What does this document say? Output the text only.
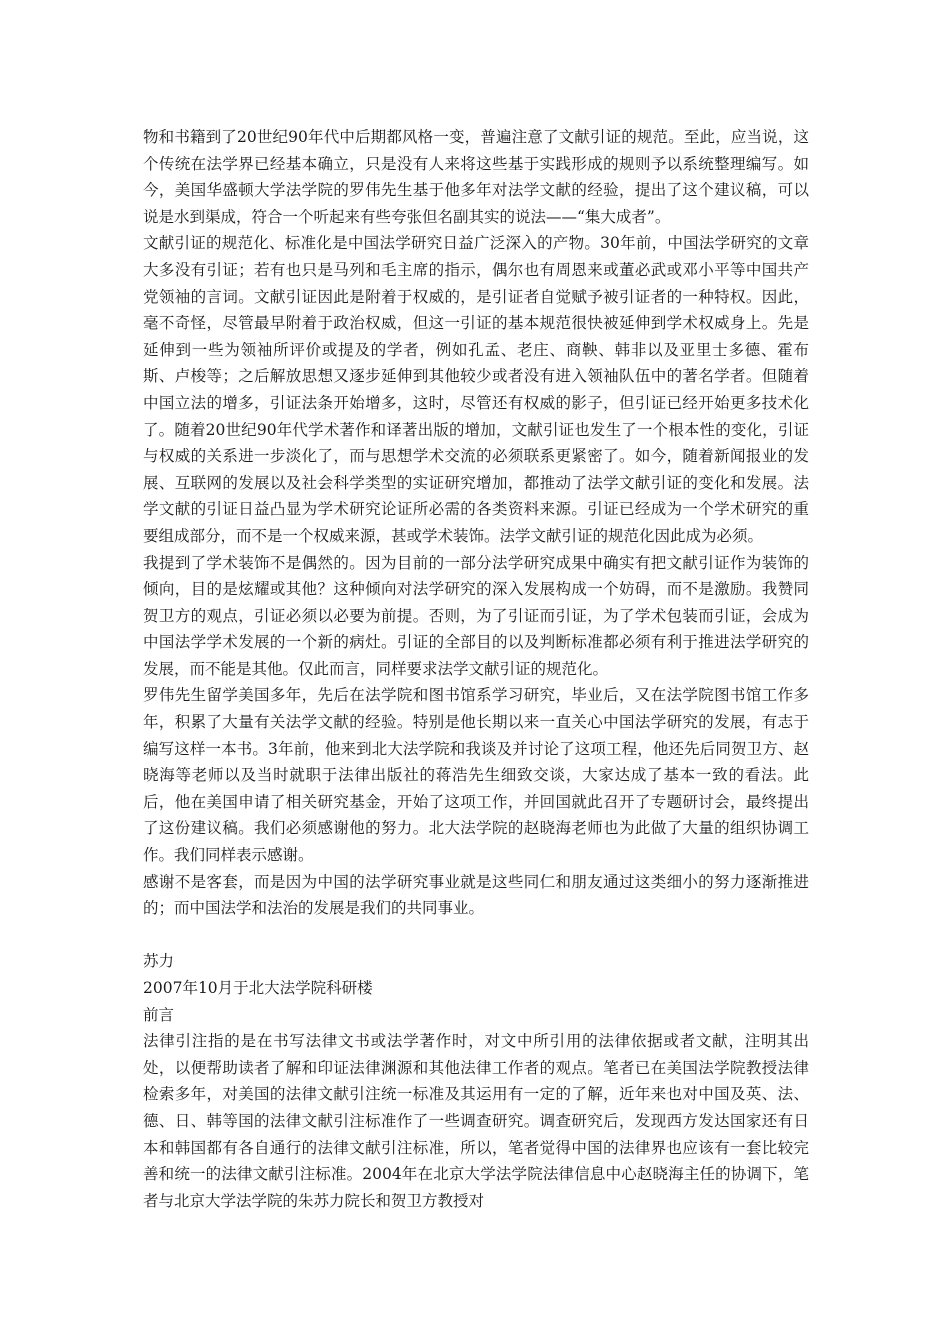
物和书籍到了20世纪90年代中后期都风格一变，普遍注意了文献引证的规范。至此，应当说，这个传统在法学界已经基本确立，只是没有人来将这些基于实践形成的规则予以系统整理编写。如今，美国华盛顿大学法学院的罗伟先生基于他多年对法学文献的经验，提出了这个建议稿，可以说是水到渠成，符合一个听起来有些夸张但名副其实的说法——“集大成者”。

文献引证的规范化、标准化是中国法学研究日益广泛深入的产物。30年前，中国法学研究的文章大多没有引证；若有也只是马列和毛主席的指示，偶尔也有周恩来或董必武或邓小平等中国共产党领袖的言词。文献引证因此是附着于权威的，是引证者自觉赋予被引证者的一种特权。因此，毫不奇怪，尽管最早附着于政治权威，但这一引证的基本规范很快被延伸到学术权威身上。先是延伸到一些为领袖所评价或提及的学者，例如孔孟、老庄、商鞅、韩非以及亚里士多德、霍布斯、卢梭等；之后解放思想又逐步延伸到其他较少或者没有进入领袖队伍中的著名学者。但随着中国立法的增多，引证法条开始增多，这时，尽管还有权威的影子，但引证已经开始更多技术化了。随着20世纪90年代学术著作和译著出版的增加，文献引证也发生了一个根本性的变化，引证与权威的关系进一步淡化了，而与思想学术交流的必须联系更紧密了。如今，随着新闻报业的发展、互联网的发展以及社会科学类型的实证研究增加，都推动了法学文献引证的变化和发展。法学文献的引证日益凸显为学术研究论证所必需的各类资料来源。引证已经成为一个学术研究的重要组成部分，而不是一个权威来源，甚或学术装饰。法学文献引证的规范化因此成为必须。

我提到了学术装饰不是偶然的。因为目前的一部分法学研究成果中确实有把文献引证作为装饰的倾向，目的是炫耀或其他？这种倾向对法学研究的深入发展构成一个妨碍，而不是激励。我赞同贺卫方的观点，引证必须以必要为前提。否则，为了引证而引证，为了学术包装而引证，会成为中国法学学术发展的一个新的病灶。引证的全部目的以及判断标准都必须有利于推进法学研究的发展，而不能是其他。仅此而言，同样要求法学文献引证的规范化。

罗伟先生留学美国多年，先后在法学院和图书馆系学习研究，毕业后，又在法学院图书馆工作多年，积累了大量有关法学文献的经验。特别是他长期以来一直关心中国法学研究的发展，有志于编写这样一本书。3年前，他来到北大法学院和我谈及并讨论了这项工程，他还先后同贺卫方、赵晓海等老师以及当时就职于法律出版社的蒋浩先生细致交谈，大家达成了基本一致的看法。此后，他在美国申请了相关研究基金，开始了这项工作，并回国就此召开了专题研讨会，最终提出了这份建议稿。我们必须感谢他的努力。北大法学院的赵晓海老师也为此做了大量的组织协调工作。我们同样表示感谢。

感谢不是客套，而是因为中国的法学研究事业就是这些同仁和朋友通过这类细小的努力逐渐推进的；而中国法学和法治的发展是我们的共同事业。

苏力

2007年10月于北大法学院科研楼

前言

法律引注指的是在书写法律文书或法学著作时，对文中所引用的法律依据或者文献，注明其出处，以便帮助读者了解和印证法律渊源和其他法律工作者的观点。笔者已在美国法学院教授法律检索多年，对美国的法律文献引注统一标准及其运用有一定的了解，近年来也对中国及英、法、德、日、韩等国的法律文献引注标准作了一些调查研究。调查研究后，发现西方发达国家还有日本和韩国都有各自通行的法律文献引注标准，所以，笔者觉得中国的法律界也应该有一套比较完善和统一的法律文献引注标准。2004年在北京大学法学院法律信息中心赵晓海主任的协调下，笔者与北京大学法学院的朱苏力院长和贺卫方教授对
